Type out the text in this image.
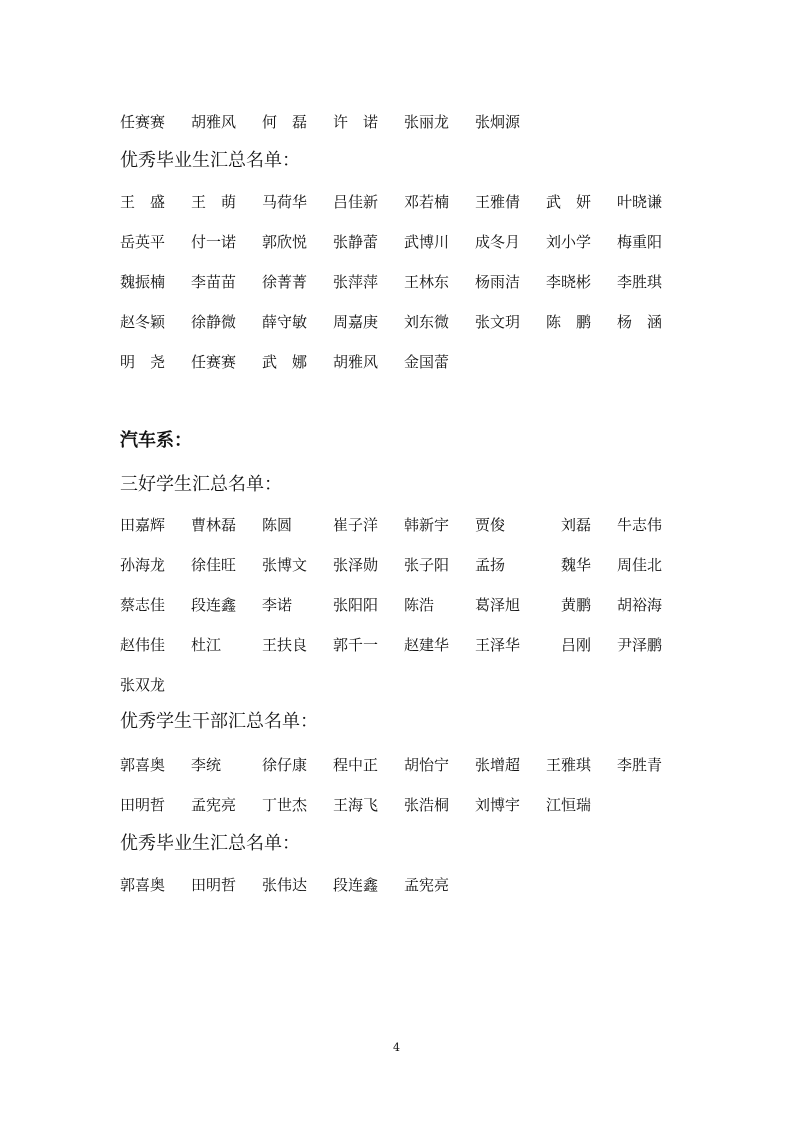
任赛赛 胡雅风 何　磊 许　诺 张丽龙 张炯源
优秀毕业生汇总名单：
王　盛 王　萌 马荷华 吕佳新 邓若楠 王雅倩 武　妍 叶晓谦
岳英平 付一诺 郭欣悦 张静蕾 武博川 成冬月 刘小学 梅重阳
魏振楠 李苗苗 徐菁菁 张萍萍 王林东 杨雨洁 李晓彬 李胜琪
赵冬颖 徐静微 薛守敏 周嘉庚 刘东微 张文玥 陈　鹏 杨　涵
明　尧 任赛赛 武　娜 胡雅风 金国蕾
汽车系：
三好学生汇总名单：
田嘉辉 曹林磊 陈圆	崔子洋 韩新宇 贾俊	刘磊 牛志伟
孙海龙 徐佳旺 张博文 张泽勋 张子阳 孟扬	魏华 周佳北
蔡志佳 段连鑫 李诺	张阳阳 陈浩	葛泽旭	黄鹏 胡裕海
赵伟佳 杜江	王扶良 郭千一 赵建华 王泽华	吕刚 尹泽鹏
张双龙
优秀学生干部汇总名单：
郭喜奥 李统	徐仔康 程中正 胡怡宁 张增超 王雅琪 李胜青
田明哲 孟宪亮 丁世杰 王海飞 张浩桐 刘博宇 江恒瑞
优秀毕业生汇总名单：
郭喜奥 田明哲 张伟达 段连鑫 孟宪亮
4
